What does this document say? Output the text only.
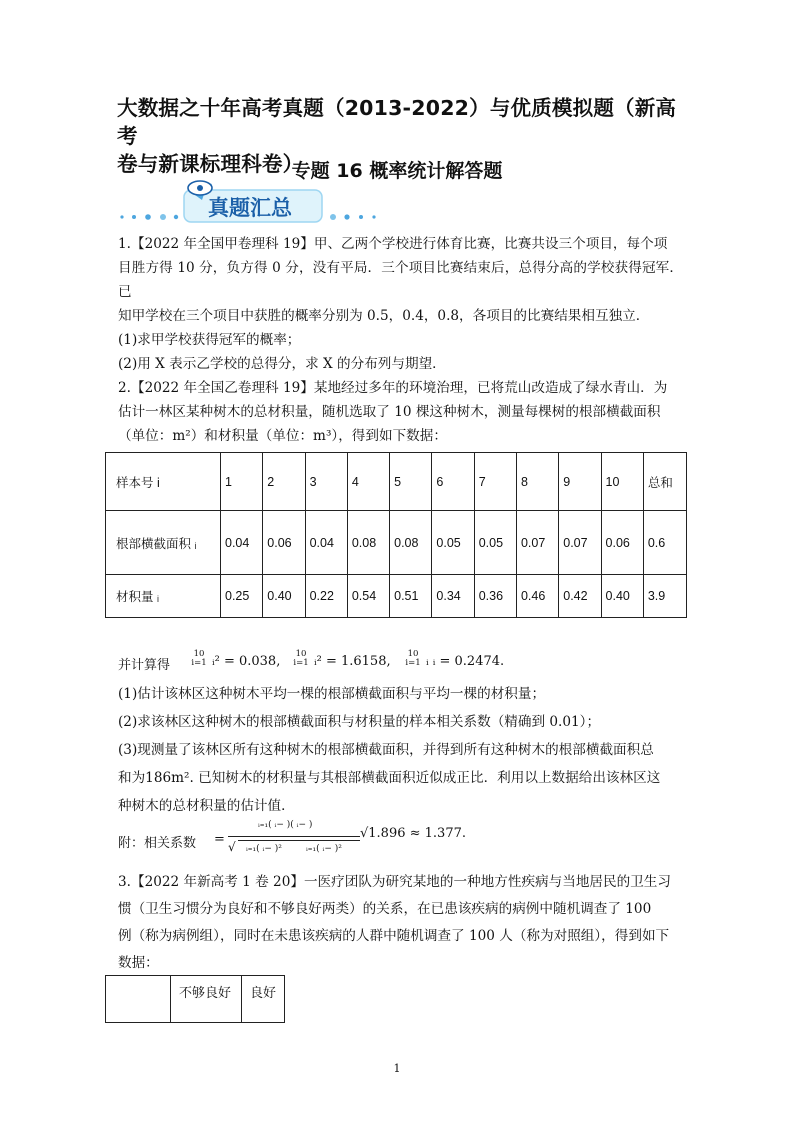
大数据之十年高考真题（2013-2022）与优质模拟题（新高考
卷与新课标理科卷）
专题 16 概率统计解答题
真题汇总
1.【2022 年全国甲卷理科 19】甲、乙两个学校进行体育比赛，比赛共设三个项目，每个项
目胜方得 10 分，负方得 0 分，没有平局．三个项目比赛结束后，总得分高的学校获得冠军．已
知甲学校在三个项目中获胜的概率分别为 0.5，0.4，0.8，各项目的比赛结果相互独立．
(1)求甲学校获得冠军的概率；
(2)用 X 表示乙学校的总得分，求 X 的分布列与期望．
2.【2022 年全国乙卷理科 19】某地经过多年的环境治理，已将荒山改造成了绿水青山．为
估计一林区某种树木的总材积量，随机选取了 10 棵这种树木，测量每棵树的根部横截面积
（单位：m²）和材积量（单位：m³），得到如下数据：
样本号 i	1	2	3	4	5	6	7	8	9	10	总和
根部横截面积 ᵢ	0.04	0.06	0.04	0.08	0.08	0.05	0.05	0.07	0.07	0.06	0.6
材积量 ᵢ	0.25	0.40	0.22	0.54	0.51	0.34	0.36	0.46	0.42	0.40	3.9
并计算得
10
i=1 ᵢ² = 0.038,	10
i=1 ᵢ² = 1.6158,	10
i=1 ᵢ ᵢ = 0.2474.
(1)估计该林区这种树木平均一棵的根部横截面积与平均一棵的材积量；
(2)求该林区这种树木的根部横截面积与材积量的样本相关系数（精确到 0.01）；
(3)现测量了该林区所有这种树木的根部横截面积，并得到所有这种树木的根部横截面积总
和为186m². 已知树木的材积量与其根部横截面积近似成正比．利用以上数据给出该林区这
种树木的总材积量的估计值．
附：相关系数 =
ᵢ₌₁( ᵢ− )( ᵢ− )
√ ᵢ₌₁( ᵢ− )²	ᵢ₌₁( ᵢ− )²
√1.896 ≈ 1.377.
3.【2022 年新高考 1 卷 20】一医疗团队为研究某地的一种地方性疾病与当地居民的卫生习
惯（卫生习惯分为良好和不够良好两类）的关系，在已患该疾病的病例中随机调查了 100
例（称为病例组），同时在未患该疾病的人群中随机调查了 100 人（称为对照组），得到如下
数据：
	不够良好	良好
1
